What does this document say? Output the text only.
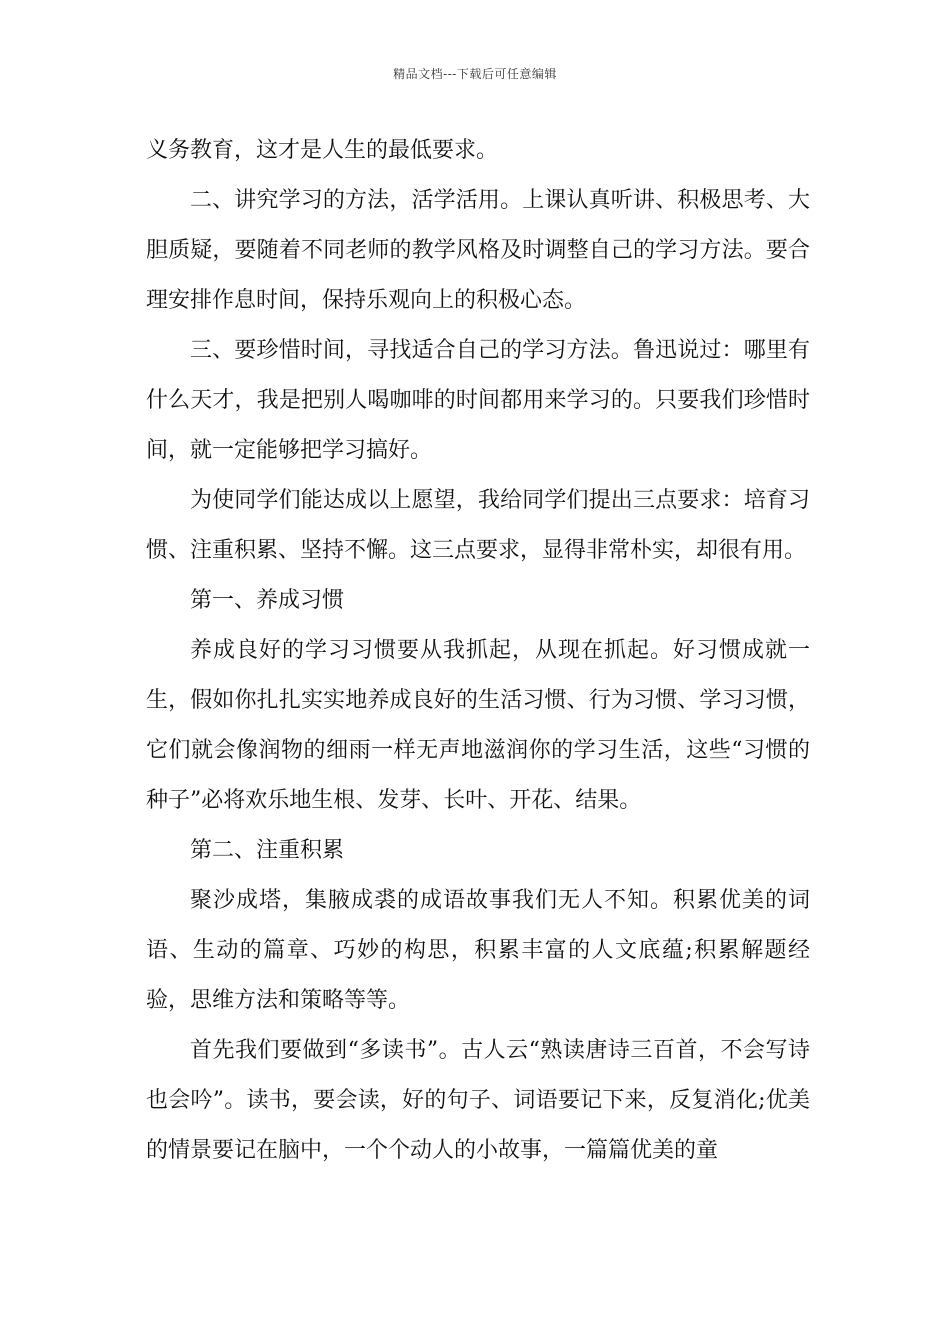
精品文档---下载后可任意编辑

义务教育，这才是人生的最低要求。

二、讲究学习的方法，活学活用。上课认真听讲、积极思考、大胆质疑，要随着不同老师的教学风格及时调整自己的学习方法。要合理安排作息时间，保持乐观向上的积极心态。

三、要珍惜时间，寻找适合自己的学习方法。鲁迅说过：哪里有什么天才，我是把别人喝咖啡的时间都用来学习的。只要我们珍惜时间，就一定能够把学习搞好。

为使同学们能达成以上愿望，我给同学们提出三点要求：培育习惯、注重积累、坚持不懈。这三点要求，显得非常朴实，却很有用。

第一、养成习惯

养成良好的学习习惯要从我抓起，从现在抓起。好习惯成就一生，假如你扎扎实实地养成良好的生活习惯、行为习惯、学习习惯，它们就会像润物的细雨一样无声地滋润你的学习生活，这些“习惯的种子”必将欢乐地生根、发芽、长叶、开花、结果。

第二、注重积累

聚沙成塔，集腋成裘的成语故事我们无人不知。积累优美的词语、生动的篇章、巧妙的构思，积累丰富的人文底蕴;积累解题经验，思维方法和策略等等。

首先我们要做到“多读书”。古人云“熟读唐诗三百首，不会写诗也会吟”。读书，要会读，好的句子、词语要记下来，反复消化;优美的情景要记在脑中，一个个动人的小故事，一篇篇优美的童
